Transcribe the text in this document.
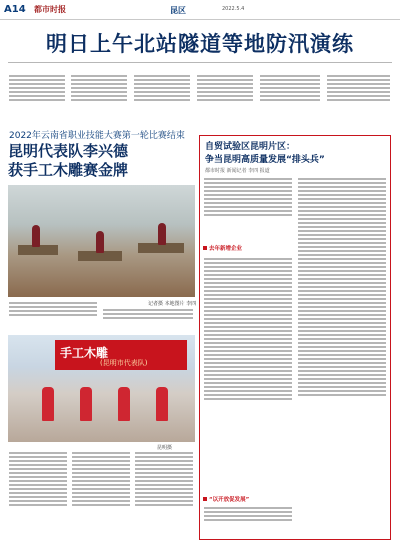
A14 都市时报	昆区	2022.5.4
明日上午北站隧道等地防汛演练
2022年云南省职业技能大赛第一轮比赛结束
昆明代表队李兴德
获手工木雕赛金牌
记者摄 本地图片 李四
手工木雕
(昆明市代表队)
昆明摄
自贸试验区昆明片区：
争当昆明高质量发展“排头兵”
都市时报 新闻记者 李四 报道
去年新增企业
“以开放促发展”
